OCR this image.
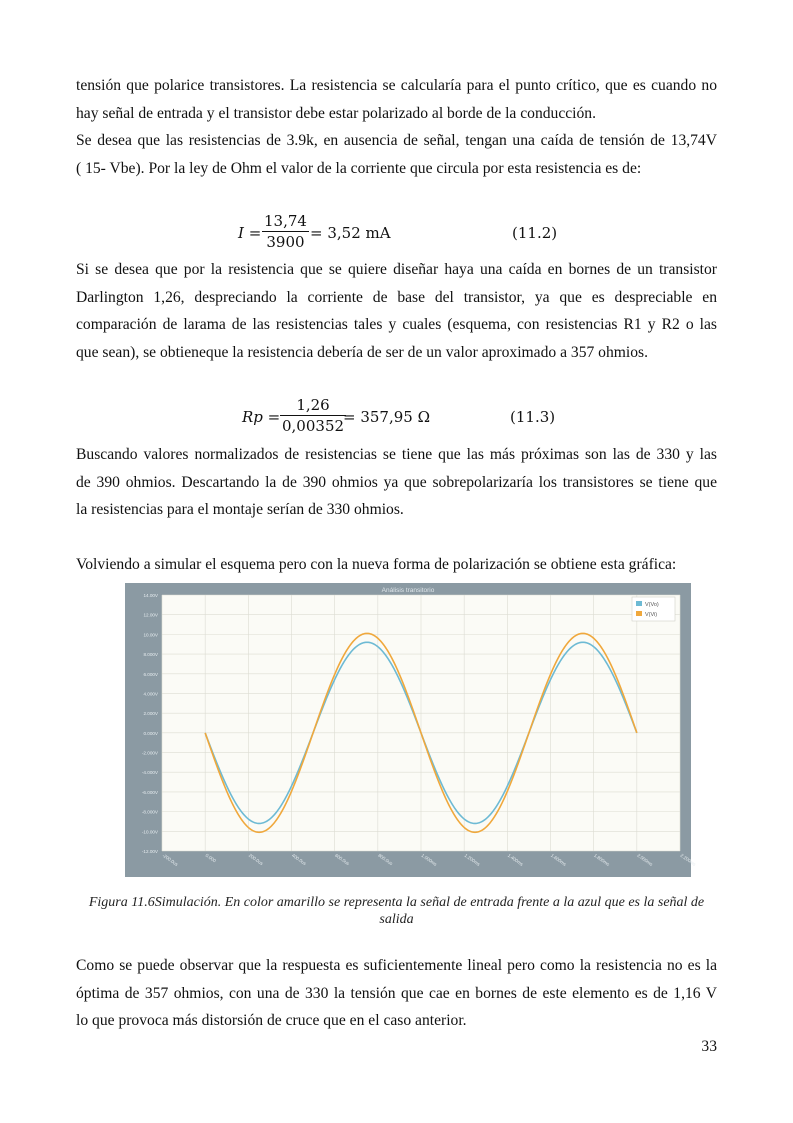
tensión que polarice transistores. La resistencia se calcularía para el punto crítico, que es cuando no
hay señal de entrada y el transistor debe estar polarizado al borde de la conducción.
Se desea que las resistencias de 3.9k, en ausencia de señal, tengan una caída de tensión de 13,74V
( 15- Vbe). Por la ley de Ohm el valor de la corriente que circula por esta resistencia es de:
$I = \frac{13,74}{3900} = 3,52$ mA	(11.2)
Si se desea que por la resistencia que se quiere diseñar haya una caída en bornes de un transistor
Darlington 1,26, despreciando la corriente de base del transistor, ya que es despreciable en
comparación de larama de las resistencias tales y cuales (esquema, con resistencias R1 y R2 o las
que sean), se obtieneque la resistencia debería de ser de un valor aproximado a 357 ohmios.
$Rp = \frac{1,26}{0,00352}$
= 357,95 Ω	(11.3)
Buscando valores normalizados de resistencias se tiene que las más próximas son las de 330 y las
de 390 ohmios. Descartando la de 390 ohmios ya que sobrepolarizaría los transistores se tiene que
la resistencias para el montaje serían de 330 ohmios.
Volviendo a simular el esquema pero con la nueva forma de polarización se obtiene esta gráfica:
Análisis transitorio
14.00V
12.00V
10.00V
8.000V
6.000V
4.000V
2.000V
0.000V
-2.000V
-4.000V
-6.000V
-8.000V
-10.00V
-12.00V
-200.0us	0.000	200.0us	400.0us	600.0us	800.0us	1.000ms	1.200ms	1.400ms	1.600ms	1.800ms	2.000ms	2.200ms
V(Vo)
V(Vi)
Figura 11.6Simulación. En color amarillo se representa la señal de entrada frente a la azul que es la señal de salida
Como se puede observar que la respuesta es suficientemente lineal pero como la resistencia no es la
óptima de 357 ohmios, con una de 330 la tensión que cae en bornes de este elemento es de 1,16 V
lo que provoca más distorsión de cruce que en el caso anterior.
33
